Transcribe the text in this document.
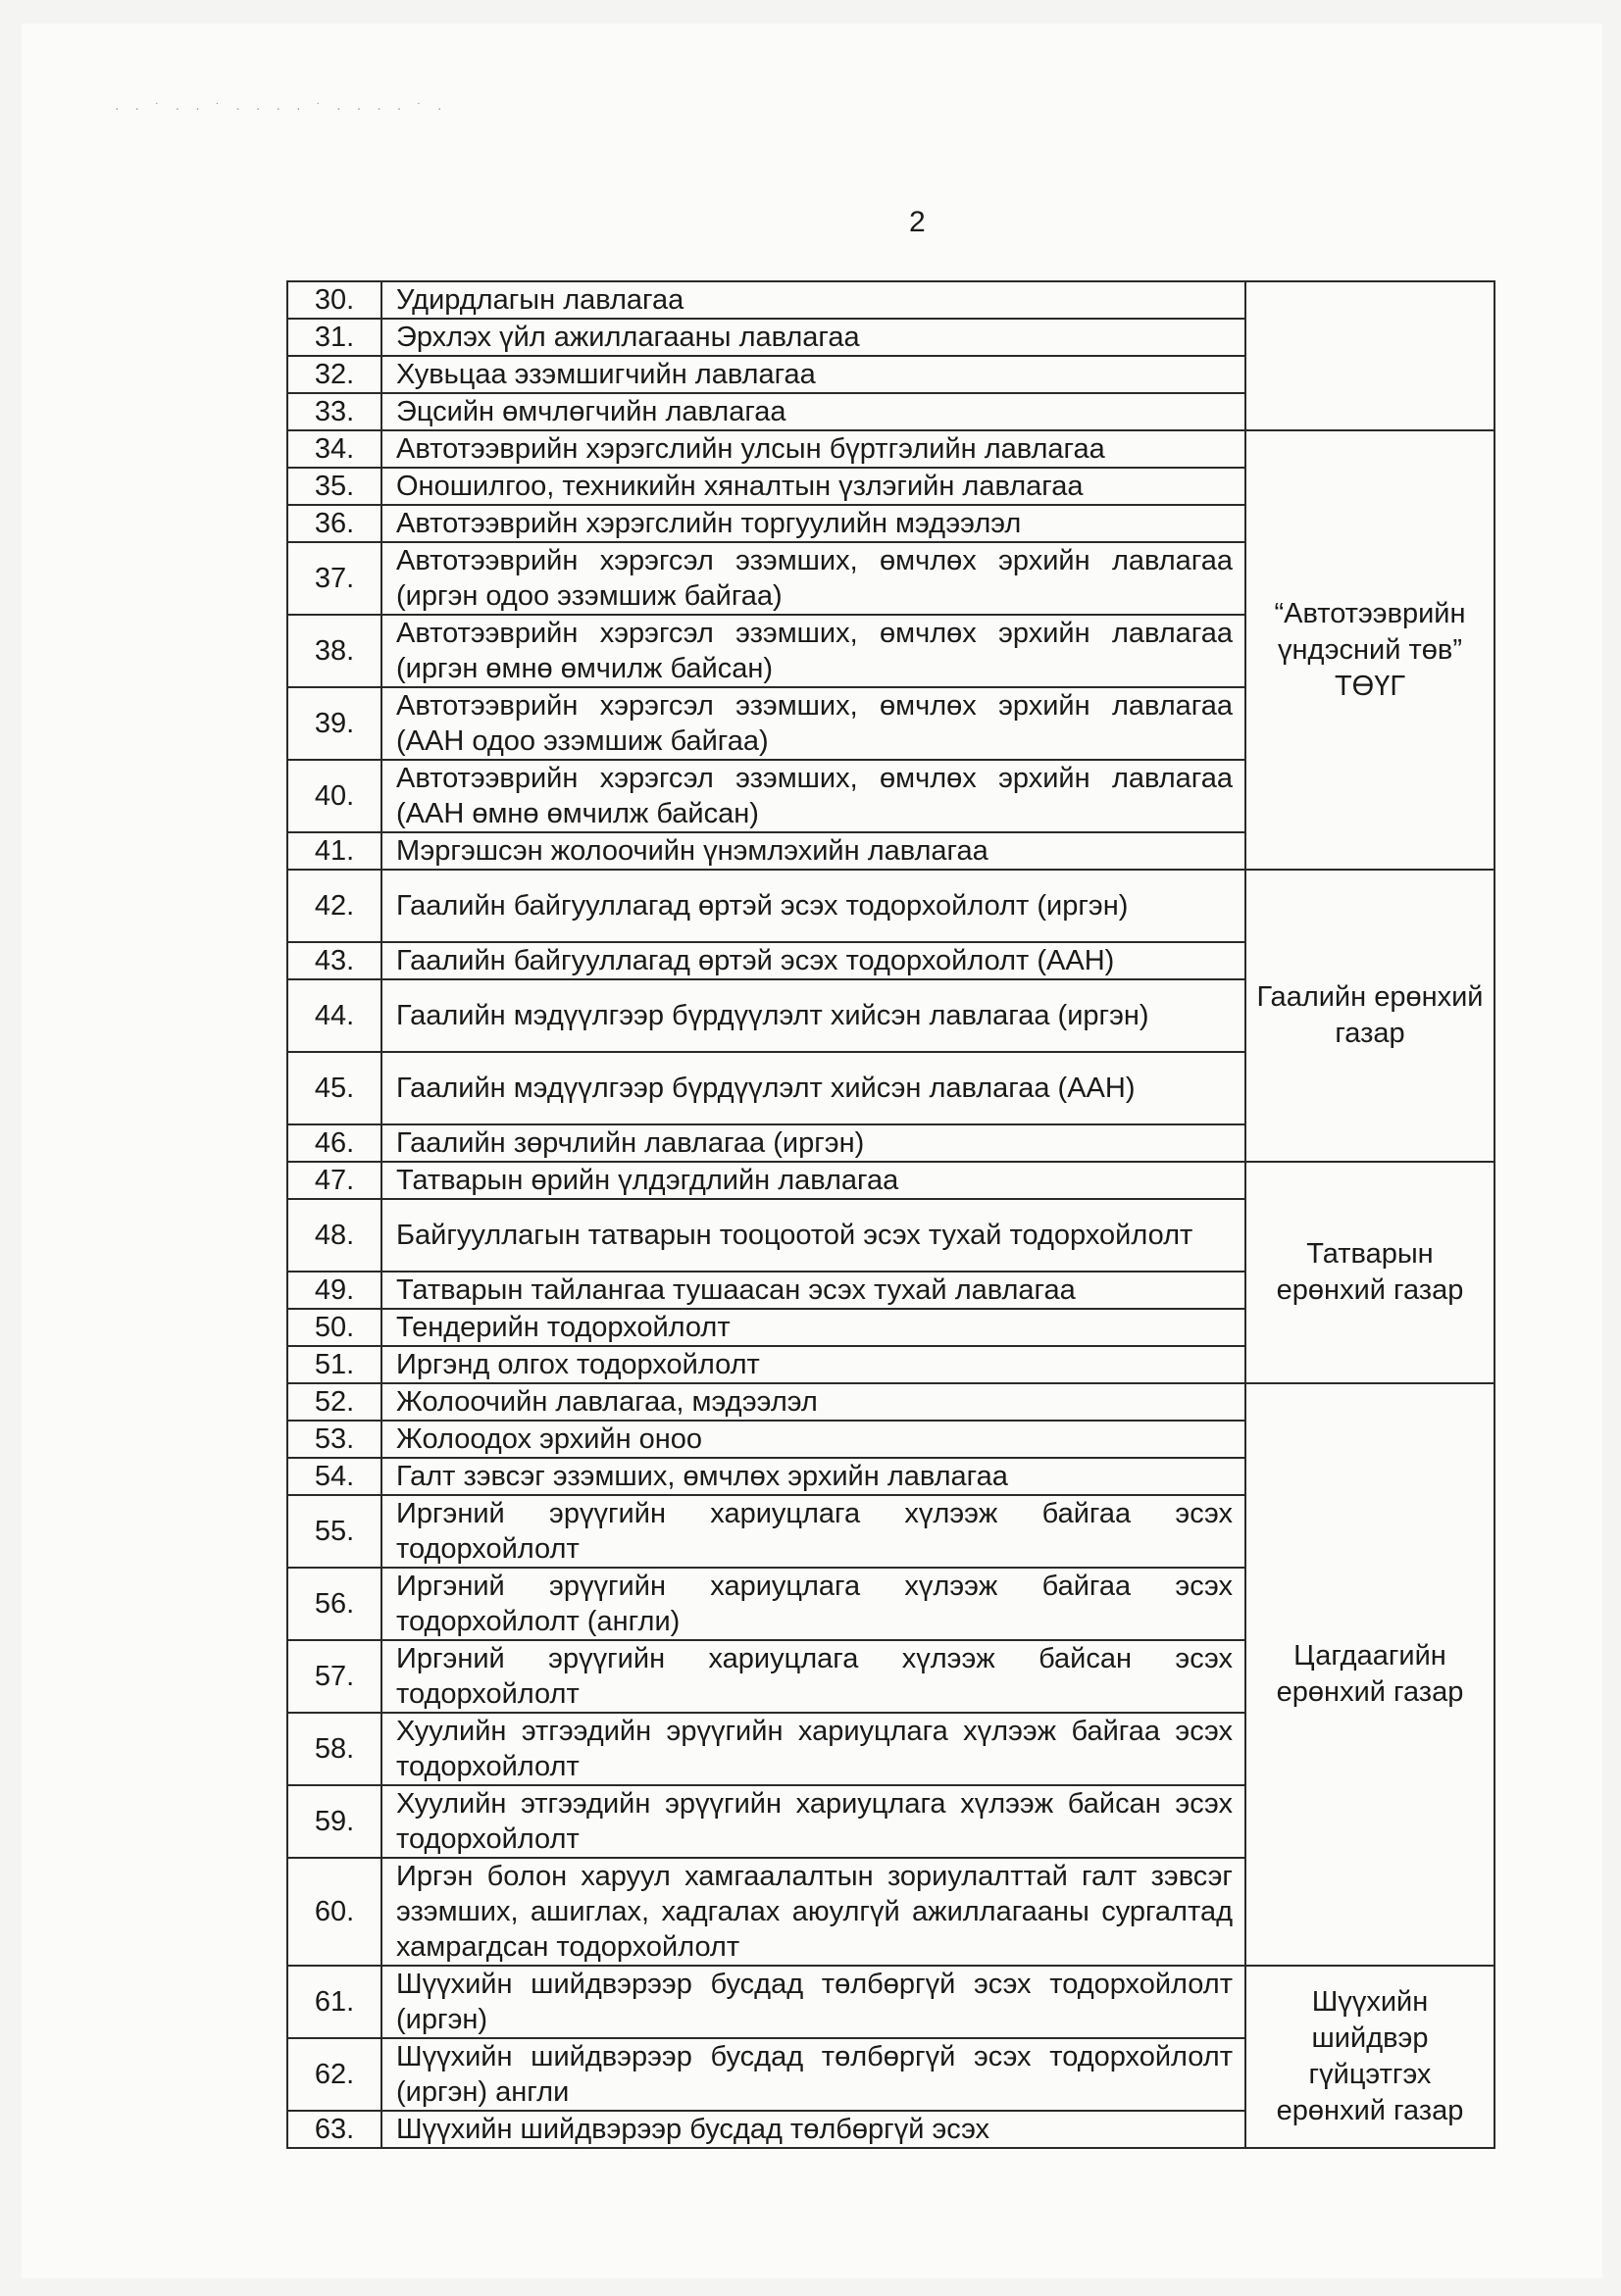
· · ˙ · · ˙ · · · · ˙ · · · · ˙ ·
2
30.	Удирдлагын лавлагаа	
31.	Эрхлэх үйл ажиллагааны лавлагаа	
32.	Хувьцаа эзэмшигчийн лавлагаа	
33.	Эцсийн өмчлөгчийн лавлагаа	
34.	Автотээврийн хэрэгслийн улсын бүртгэлийн лавлагаа	“Автотээврийн үндэсний төв” ТӨҮГ
35.	Оношилгоо, техникийн хяналтын үзлэгийн лавлагаа	
36.	Автотээврийн хэрэгслийн торгуулийн мэдээлэл	
37.	Автотээврийн хэрэгсэл эзэмших, өмчлөх эрхийн лавлагаа (иргэн одоо эзэмшиж байгаа)	
38.	Автотээврийн хэрэгсэл эзэмших, өмчлөх эрхийн лавлагаа (иргэн өмнө өмчилж байсан)	
39.	Автотээврийн хэрэгсэл эзэмших, өмчлөх эрхийн лавлагаа (ААН одоо эзэмшиж байгаа)	
40.	Автотээврийн хэрэгсэл эзэмших, өмчлөх эрхийн лавлагаа (ААН өмнө өмчилж байсан)	
41.	Мэргэшсэн жолоочийн үнэмлэхийн лавлагаа	
42.	Гаалийн байгууллагад өртэй эсэх тодорхойлолт (иргэн)	Гаалийн ерөнхий газар
43.	Гаалийн байгууллагад өртэй эсэх тодорхойлолт (ААН)	
44.	Гаалийн мэдүүлгээр бүрдүүлэлт хийсэн лавлагаа (иргэн)	
45.	Гаалийн мэдүүлгээр бүрдүүлэлт хийсэн лавлагаа (ААН)	
46.	Гаалийн зөрчлийн лавлагаа (иргэн)	
47.	Татварын өрийн үлдэгдлийн лавлагаа	Татварын ерөнхий газар
48.	Байгууллагын татварын тооцоотой эсэх тухай тодорхойлолт	
49.	Татварын тайлангаа тушаасан эсэх тухай лавлагаа	
50.	Тендерийн тодорхойлолт	
51.	Иргэнд олгох тодорхойлолт	
52.	Жолоочийн лавлагаа, мэдээлэл	Цагдаагийн ерөнхий газар
53.	Жолоодох эрхийн оноо	
54.	Галт зэвсэг эзэмших, өмчлөх эрхийн лавлагаа	
55.	Иргэний эрүүгийн хариуцлага хүлээж байгаа эсэх тодорхойлолт	
56.	Иргэний эрүүгийн хариуцлага хүлээж байгаа эсэх тодорхойлолт (англи)	
57.	Иргэний эрүүгийн хариуцлага хүлээж байсан эсэх тодорхойлолт	
58.	Хуулийн этгээдийн эрүүгийн хариуцлага хүлээж байгаа эсэх тодорхойлолт	
59.	Хуулийн этгээдийн эрүүгийн хариуцлага хүлээж байсан эсэх тодорхойлолт	
60.	Иргэн болон харуул хамгаалалтын зориулалттай галт зэвсэг эзэмших, ашиглах, хадгалах аюулгүй ажиллагааны сургалтад хамрагдсан тодорхойлолт	
61.	Шүүхийн шийдвэрээр бусдад төлбөргүй эсэх тодорхойлолт (иргэн)	Шүүхийн шийдвэр гүйцэтгэх ерөнхий газар
62.	Шүүхийн шийдвэрээр бусдад төлбөргүй эсэх тодорхойлолт (иргэн) англи	
63.	Шүүхийн шийдвэрээр бусдад төлбөргүй эсэх	
